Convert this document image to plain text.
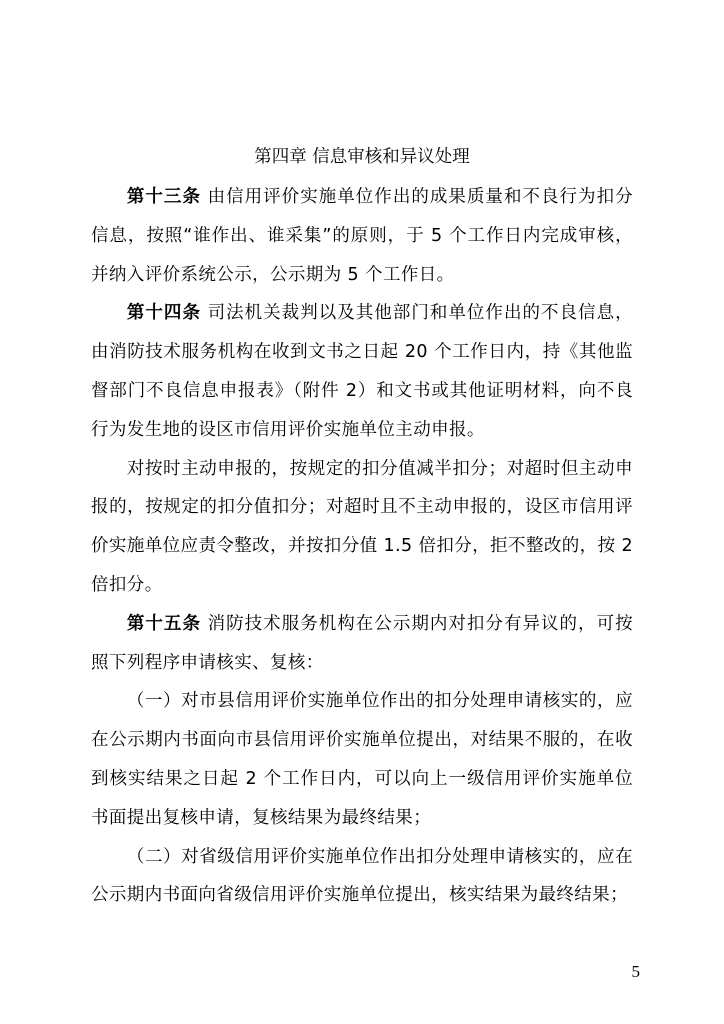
第四章 信息审核和异议处理

第十三条 由信用评价实施单位作出的成果质量和不良行为扣分信息，按照“谁作出、谁采集”的原则，于 5 个工作日内完成审核，并纳入评价系统公示，公示期为 5 个工作日。

第十四条 司法机关裁判以及其他部门和单位作出的不良信息，由消防技术服务机构在收到文书之日起 20 个工作日内，持《其他监督部门不良信息申报表》（附件 2）和文书或其他证明材料，向不良行为发生地的设区市信用评价实施单位主动申报。

对按时主动申报的，按规定的扣分值减半扣分；对超时但主动申报的，按规定的扣分值扣分；对超时且不主动申报的，设区市信用评价实施单位应责令整改，并按扣分值 1.5 倍扣分，拒不整改的，按 2 倍扣分。

第十五条 消防技术服务机构在公示期内对扣分有异议的，可按照下列程序申请核实、复核：

（一）对市县信用评价实施单位作出的扣分处理申请核实的，应在公示期内书面向市县信用评价实施单位提出，对结果不服的，在收到核实结果之日起 2 个工作日内，可以向上一级信用评价实施单位书面提出复核申请，复核结果为最终结果；

（二）对省级信用评价实施单位作出扣分处理申请核实的，应在公示期内书面向省级信用评价实施单位提出，核实结果为最终结果；

5
